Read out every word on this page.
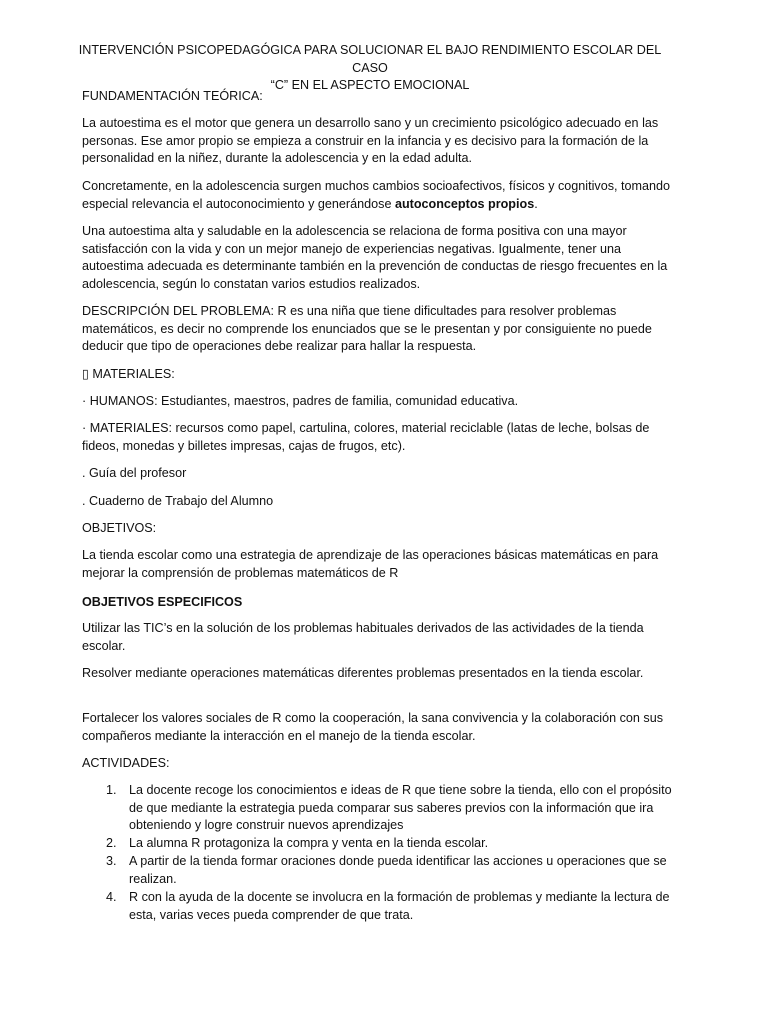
INTERVENCIÓN PSICOPEDAGÓGICA PARA SOLUCIONAR EL BAJO RENDIMIENTO ESCOLAR DEL CASO
“C” EN EL ASPECTO EMOCIONAL

FUNDAMENTACIÓN TEÓRICA:

La autoestima es el motor que genera un desarrollo sano y un crecimiento psicológico adecuado en las personas. Ese amor propio se empieza a construir en la infancia y es decisivo para la formación de la personalidad en la niñez, durante la adolescencia y en la edad adulta.

Concretamente, en la adolescencia surgen muchos cambios socioafectivos, físicos y cognitivos, tomando especial relevancia el autoconocimiento y generándose autoconceptos propios.

Una autoestima alta y saludable en la adolescencia se relaciona de forma positiva con una mayor satisfacción con la vida y con un mejor manejo de experiencias negativas. Igualmente, tener una autoestima adecuada es determinante también en la prevención de conductas de riesgo frecuentes en la adolescencia, según lo constatan varios estudios realizados.

DESCRIPCIÓN DEL PROBLEMA: R es una niña que tiene dificultades para resolver problemas matemáticos, es decir no comprende los enunciados que se le presentan y por consiguiente no puede deducir que tipo de operaciones debe realizar para hallar la respuesta.

▯ MATERIALES:

· HUMANOS: Estudiantes, maestros, padres de familia, comunidad educativa.

· MATERIALES: recursos como papel, cartulina, colores, material reciclable (latas de leche, bolsas de fideos, monedas y billetes impresas, cajas de frugos, etc).

. Guía del profesor

. Cuaderno de Trabajo del Alumno

OBJETIVOS:

La tienda escolar como una estrategia de aprendizaje de las operaciones básicas matemáticas en para mejorar la comprensión de problemas matemáticos de R

OBJETIVOS ESPECIFICOS

Utilizar las TIC’s en la solución de los problemas habituales derivados de las actividades de la tienda escolar.

Resolver mediante operaciones matemáticas diferentes problemas presentados en la tienda escolar.

Fortalecer los valores sociales de R como la cooperación, la sana convivencia y la colaboración con sus compañeros mediante la interacción en el manejo de la tienda escolar.

ACTIVIDADES:

1. La docente recoge los conocimientos e ideas de R que tiene sobre la tienda, ello con el propósito de que mediante la estrategia pueda comparar sus saberes previos con la información que ira obteniendo y logre construir nuevos aprendizajes
2. La alumna R protagoniza la compra y venta en la tienda escolar.
3. A partir de la tienda formar oraciones donde pueda identificar las acciones u operaciones que se realizan.
4. R con la ayuda de la docente se involucra en la formación de problemas y mediante la lectura de esta, varias veces pueda comprender de que trata.
